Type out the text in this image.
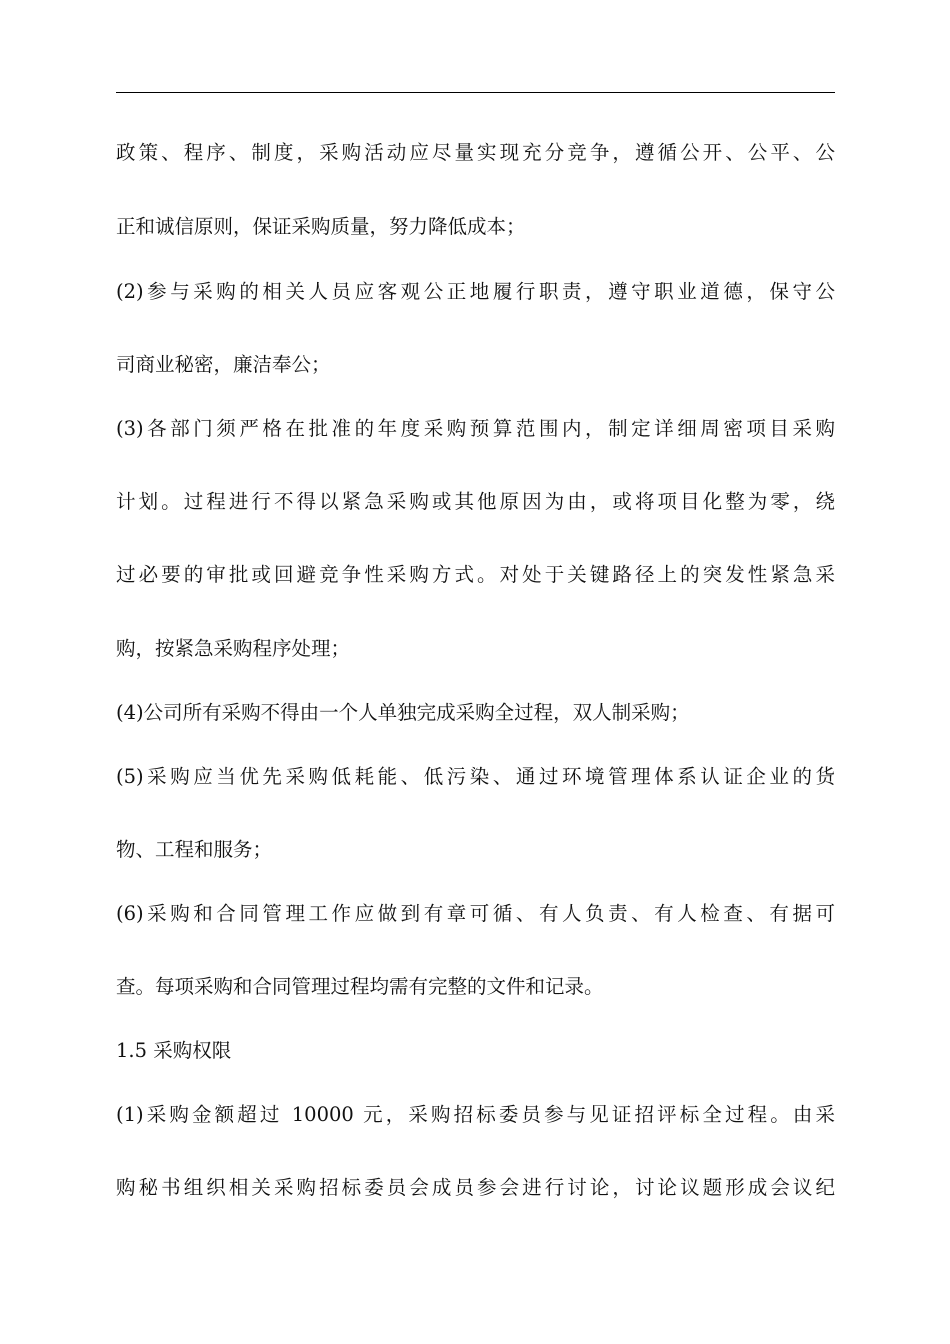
政策、程序、制度，采购活动应尽量实现充分竞争，遵循公开、公平、公
正和诚信原则，保证采购质量，努力降低成本；
(2)参与采购的相关人员应客观公正地履行职责，遵守职业道德，保守公
司商业秘密，廉洁奉公；
(3)各部门须严格在批准的年度采购预算范围内，制定详细周密项目采购
计划。过程进行不得以紧急采购或其他原因为由，或将项目化整为零，绕
过必要的审批或回避竞争性采购方式。对处于关键路径上的突发性紧急采
购，按紧急采购程序处理；
(4)公司所有采购不得由一个人单独完成采购全过程，双人制采购；
(5)采购应当优先采购低耗能、低污染、通过环境管理体系认证企业的货
物、工程和服务；
(6)采购和合同管理工作应做到有章可循、有人负责、有人检查、有据可
查。每项采购和合同管理过程均需有完整的文件和记录。
1.5 采购权限
(1)采购金额超过 10000 元，采购招标委员参与见证招评标全过程。由采
购秘书组织相关采购招标委员会成员参会进行讨论，讨论议题形成会议纪
